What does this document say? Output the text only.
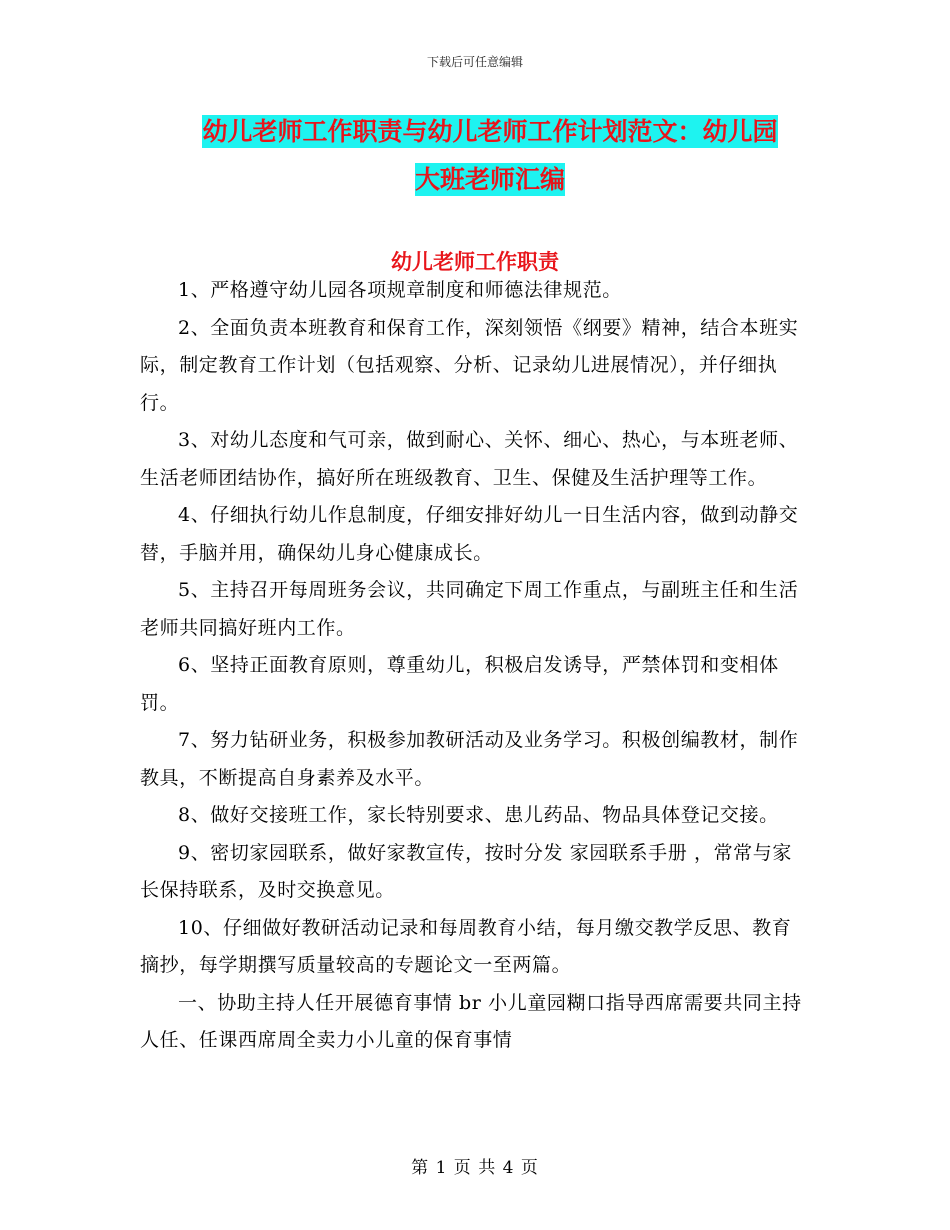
下载后可任意编辑
幼儿老师工作职责与幼儿老师工作计划范文：幼儿园
大班老师汇编
幼儿老师工作职责

1、严格遵守幼儿园各项规章制度和师德法律规范。

2、全面负责本班教育和保育工作，深刻领悟《纲要》精神，结合本班实际，制定教育工作计划（包括观察、分析、记录幼儿进展情况），并仔细执行。

3、对幼儿态度和气可亲，做到耐心、关怀、细心、热心，与本班老师、生活老师团结协作，搞好所在班级教育、卫生、保健及生活护理等工作。

4、仔细执行幼儿作息制度，仔细安排好幼儿一日生活内容，做到动静交替，手脑并用，确保幼儿身心健康成长。

5、主持召开每周班务会议，共同确定下周工作重点，与副班主任和生活老师共同搞好班内工作。

6、坚持正面教育原则，尊重幼儿，积极启发诱导，严禁体罚和变相体罚。

7、努力钻研业务，积极参加教研活动及业务学习。积极创编教材，制作教具，不断提高自身素养及水平。

8、做好交接班工作，家长特别要求、患儿药品、物品具体登记交接。

9、密切家园联系，做好家教宣传，按时分发 家园联系手册 ，常常与家长保持联系，及时交换意见。

10、仔细做好教研活动记录和每周教育小结，每月缴交教学反思、教育摘抄，每学期撰写质量较高的专题论文一至两篇。

一、协助主持人任开展德育事情 br 小儿童园糊口指导西席需要共同主持人任、任课西席周全卖力小儿童的保育事情

第 1 页 共 4 页
